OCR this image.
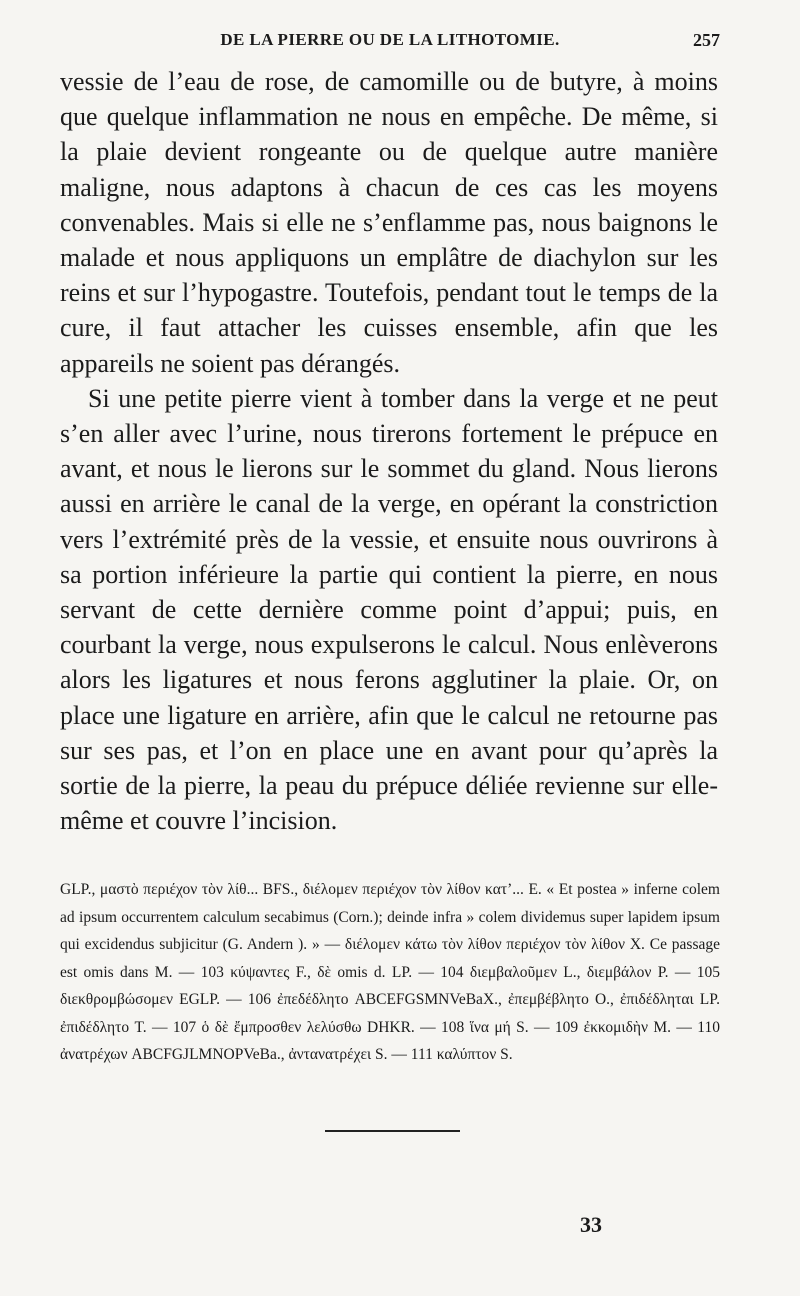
DE LA PIERRE OU DE LA LITHOTOMIE.	257

vessie de l’eau de rose, de camomille ou de butyre, à moins que quelque inflammation ne nous en empêche. De même, si la plaie devient rongeante ou de quelque autre manière maligne, nous adaptons à chacun de ces cas les moyens convenables. Mais si elle ne s’enflamme pas, nous baignons le malade et nous appliquons un emplâtre de diachylon sur les reins et sur l’hypogastre. Toutefois, pendant tout le temps de la cure, il faut attacher les cuisses ensemble, afin que les appareils ne soient pas dérangés.

Si une petite pierre vient à tomber dans la verge et ne peut s’en aller avec l’urine, nous tirerons fortement le prépuce en avant, et nous le lierons sur le sommet du gland. Nous lierons aussi en arrière le canal de la verge, en opérant la constriction vers l’extrémité près de la vessie, et ensuite nous ouvrirons à sa portion inférieure la partie qui contient la pierre, en nous servant de cette dernière comme point d’appui; puis, en courbant la verge, nous expulserons le calcul. Nous enlèverons alors les ligatures et nous ferons agglutiner la plaie. Or, on place une ligature en arrière, afin que le calcul ne retourne pas sur ses pas, et l’on en place une en avant pour qu’après la sortie de la pierre, la peau du prépuce déliée revienne sur elle-même et couvre l’incision.

GLP., μαστὸ περιέχον τὸν λίθ... BFS., διέλομεν περιέχον τὸν λίθον κατ’... E. « Et postea » inferne colem ad ipsum occurrentem calculum secabimus (Corn.); deinde infra » colem dividemus super lapidem ipsum qui excidendus subjicitur (G. Andern ). » — διέλομεν κάτω τὸν λίθον περιέχον τὸν λίθον X. Ce passage est omis dans M. — 103 κύψαντες F., δὲ omis d. LP. — 104 διεμβαλοῦμεν L., διεμβάλον P. — 105 διεκθρομβώσομεν EGLP. — 106 ἐπεδέδλητο ABCEFGSMNVeBaX., ἐπεμβέβλητο O., ἐπιδέδληται LP. ἐπιδέδλητο T. — 107 ὁ δὲ ἔμπροσθεν λελύσθω DHKR. — 108 ἵνα μή S. — 109 ἐκκομιδὴν M. — 110 ἀνατρέχων ABCFGJLMNOPVeBa., ἀντανατρέχει S. — 111 καλύπτον S.

33
